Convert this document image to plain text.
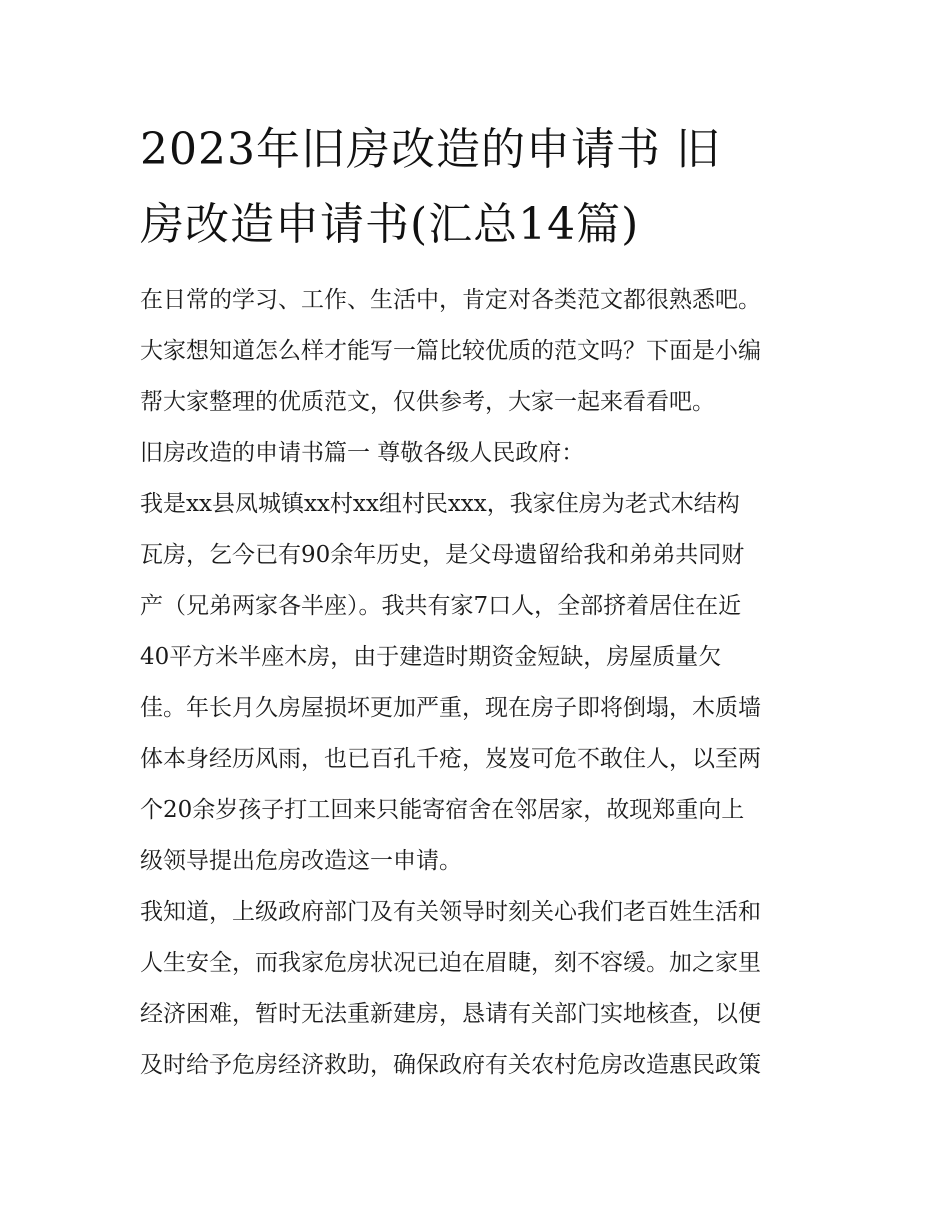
2023年旧房改造的申请书 旧
房改造申请书(汇总14篇)

在日常的学习、工作、生活中，肯定对各类范文都很熟悉吧。

大家想知道怎么样才能写一篇比较优质的范文吗？下面是小编

帮大家整理的优质范文，仅供参考，大家一起来看看吧。

旧房改造的申请书篇一 尊敬各级人民政府：

我是xx县凤城镇xx村xx组村民xxx，我家住房为老式木结构

瓦房，乞今已有90余年历史，是父母遗留给我和弟弟共同财

产（兄弟两家各半座）。我共有家7口人，全部挤着居住在近

40平方米半座木房，由于建造时期资金短缺，房屋质量欠

佳。年长月久房屋损坏更加严重，现在房子即将倒塌，木质墙

体本身经历风雨，也已百孔千疮，岌岌可危不敢住人，以至两

个20余岁孩子打工回来只能寄宿舍在邻居家，故现郑重向上

级领导提出危房改造这一申请。

我知道，上级政府部门及有关领导时刻关心我们老百姓生活和

人生安全，而我家危房状况已迫在眉睫，刻不容缓。加之家里

经济困难，暂时无法重新建房，恳请有关部门实地核查，以便

及时给予危房经济救助，确保政府有关农村危房改造惠民政策
